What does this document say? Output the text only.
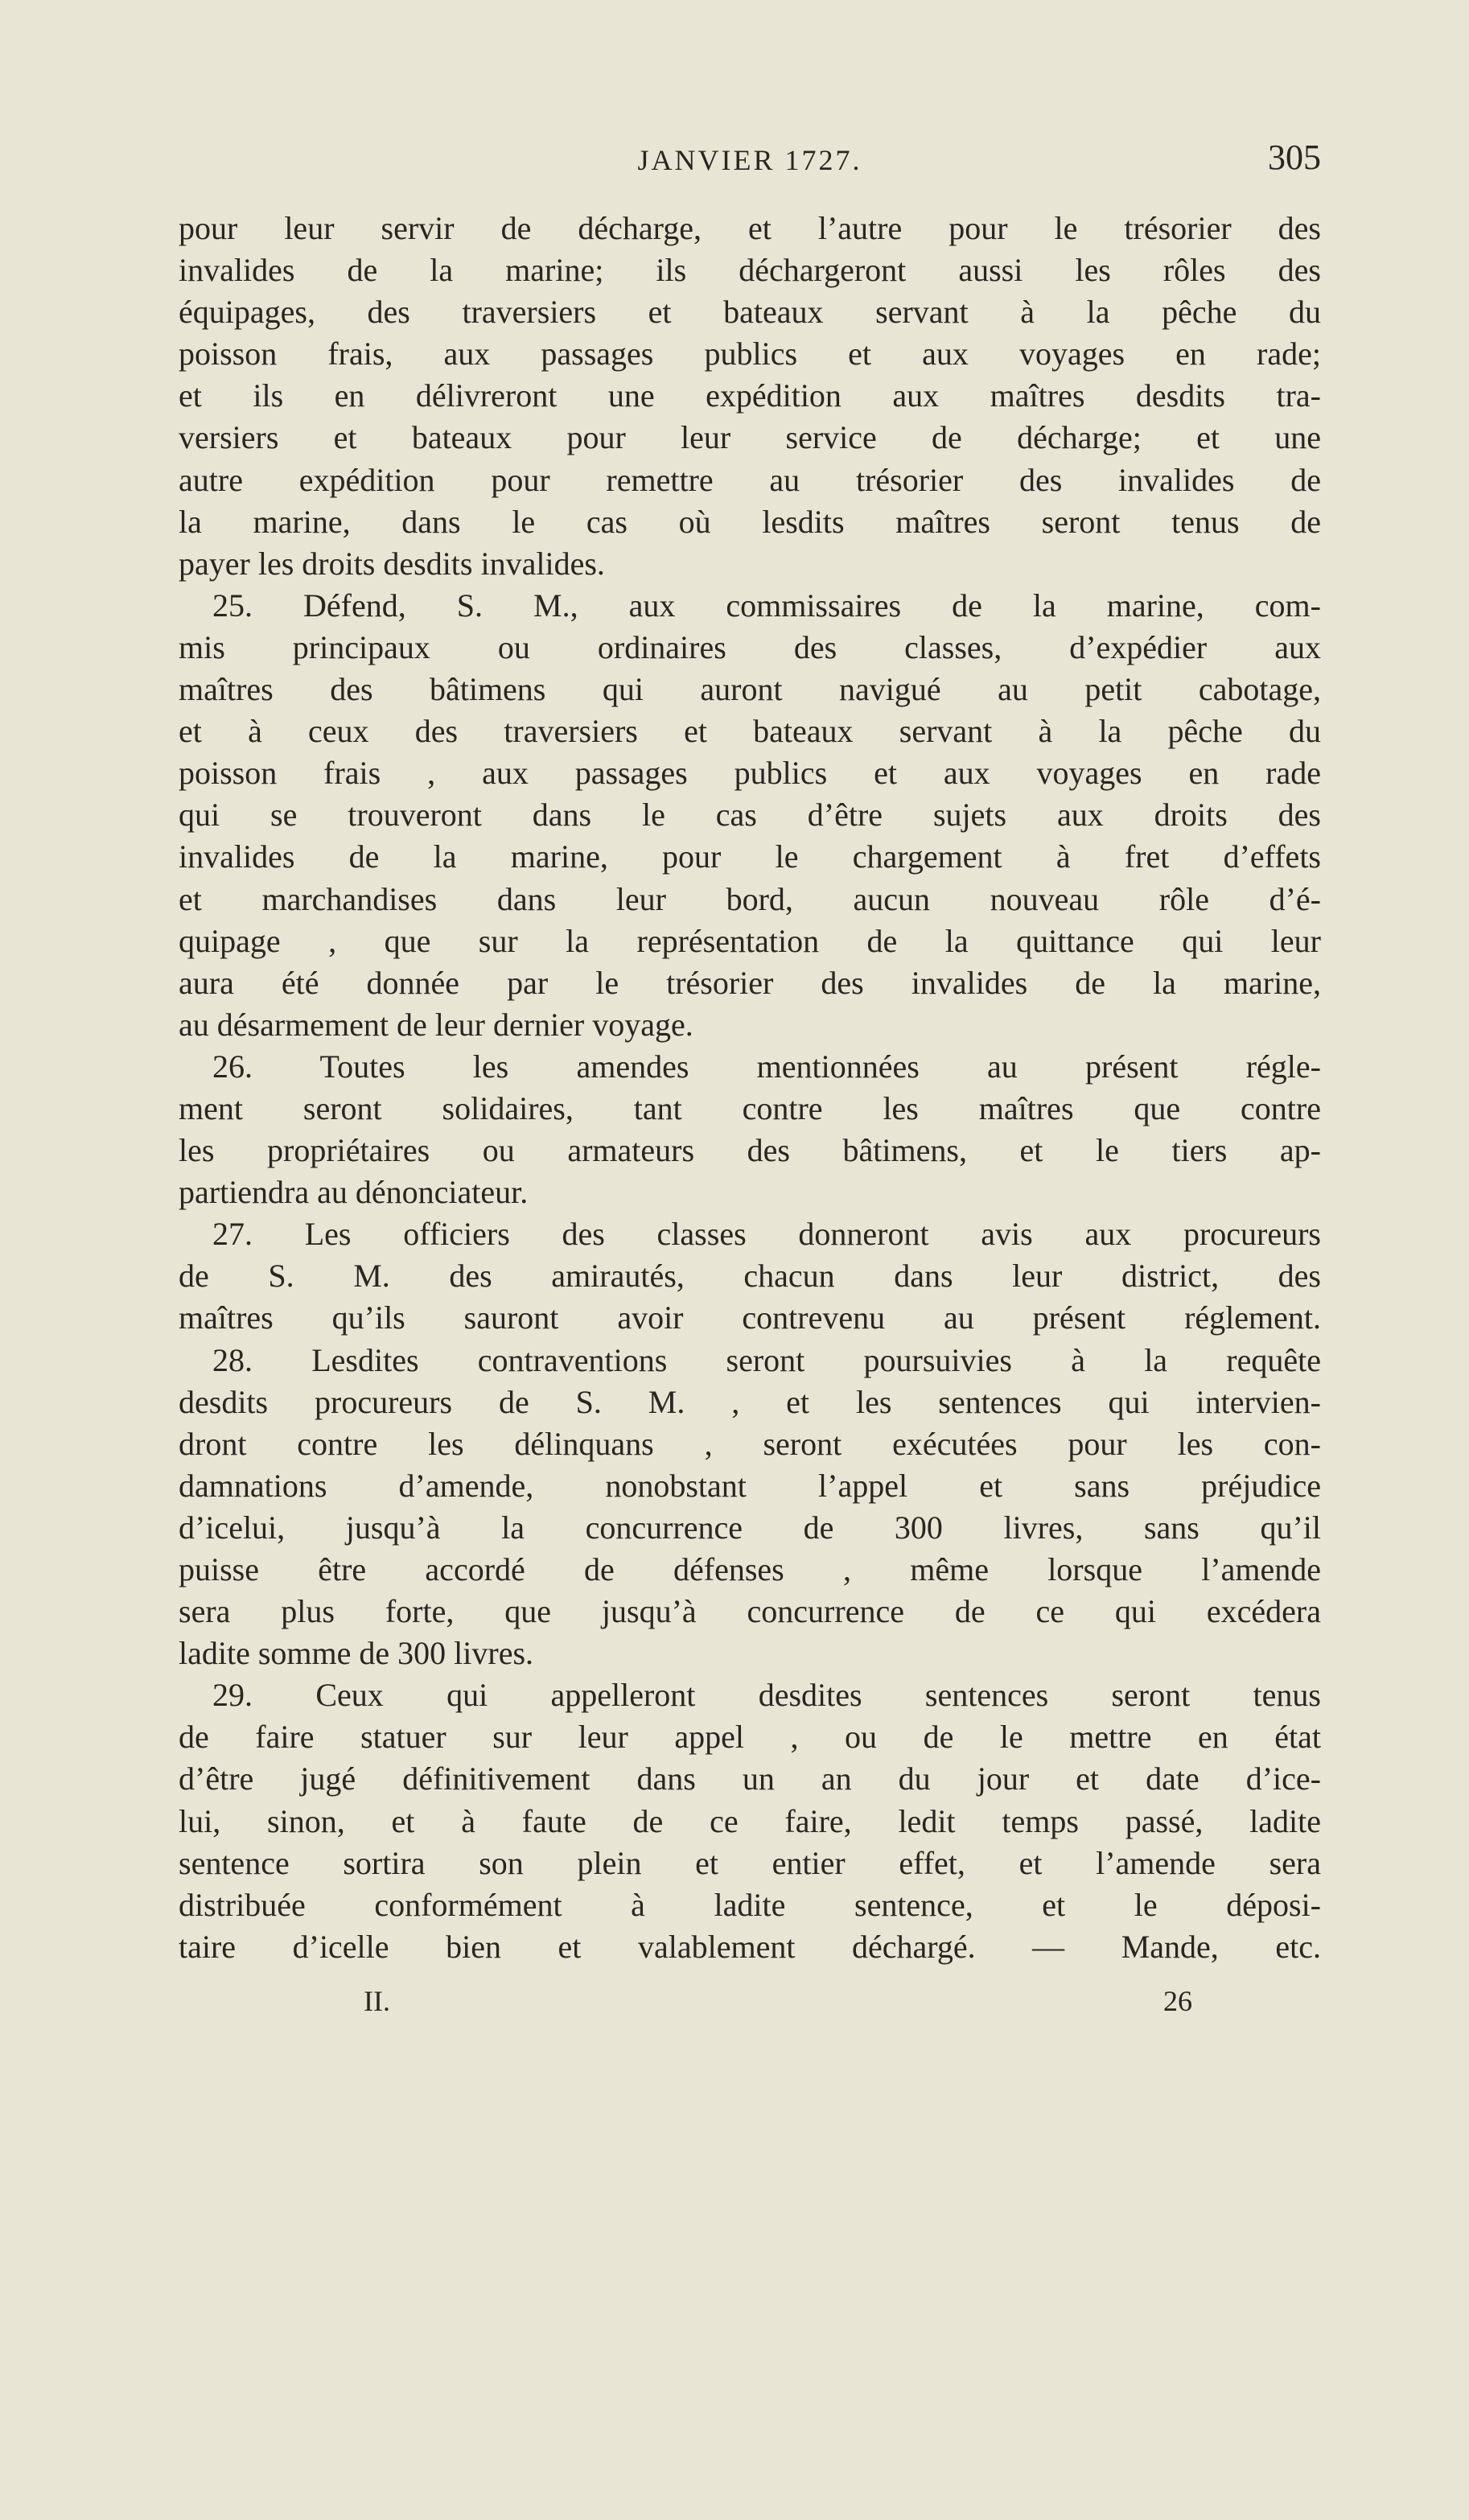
JANVIER 1727.	305
pour leur servir de décharge, et l’autre pour le trésorier des
invalides de la marine; ils déchargeront aussi les rôles des
équipages, des traversiers et bateaux servant à la pêche du
poisson frais, aux passages publics et aux voyages en rade;
et ils en délivreront une expédition aux maîtres desdits tra-
versiers et bateaux pour leur service de décharge; et une
autre expédition pour remettre au trésorier des invalides de
la marine, dans le cas où lesdits maîtres seront tenus de
payer les droits desdits invalides.
25. Défend, S. M., aux commissaires de la marine, com-
mis principaux ou ordinaires des classes, d’expédier aux
maîtres des bâtimens qui auront navigué au petit cabotage,
et à ceux des traversiers et bateaux servant à la pêche du
poisson frais , aux passages publics et aux voyages en rade
qui se trouveront dans le cas d’être sujets aux droits des
invalides de la marine, pour le chargement à fret d’effets
et marchandises dans leur bord, aucun nouveau rôle d’é-
quipage , que sur la représentation de la quittance qui leur
aura été donnée par le trésorier des invalides de la marine,
au désarmement de leur dernier voyage.
26. Toutes les amendes mentionnées au présent régle-
ment seront solidaires, tant contre les maîtres que contre
les propriétaires ou armateurs des bâtimens, et le tiers ap-
partiendra au dénonciateur.
27. Les officiers des classes donneront avis aux procureurs
de S. M. des amirautés, chacun dans leur district, des
maîtres qu’ils sauront avoir contrevenu au présent réglement.
28. Lesdites contraventions seront poursuivies à la requête
desdits procureurs de S. M. , et les sentences qui intervien-
dront contre les délinquans , seront exécutées pour les con-
damnations d’amende, nonobstant l’appel et sans préjudice
d’icelui, jusqu’à la concurrence de 300 livres, sans qu’il
puisse être accordé de défenses , même lorsque l’amende
sera plus forte, que jusqu’à concurrence de ce qui excédera
ladite somme de 300 livres.
29. Ceux qui appelleront desdites sentences seront tenus
de faire statuer sur leur appel , ou de le mettre en état
d’être jugé définitivement dans un an du jour et date d’ice-
lui, sinon, et à faute de ce faire, ledit temps passé, ladite
sentence sortira son plein et entier effet, et l’amende sera
distribuée conformément à ladite sentence, et le déposi-
taire d’icelle bien et valablement déchargé. — Mande, etc.
II.	26
